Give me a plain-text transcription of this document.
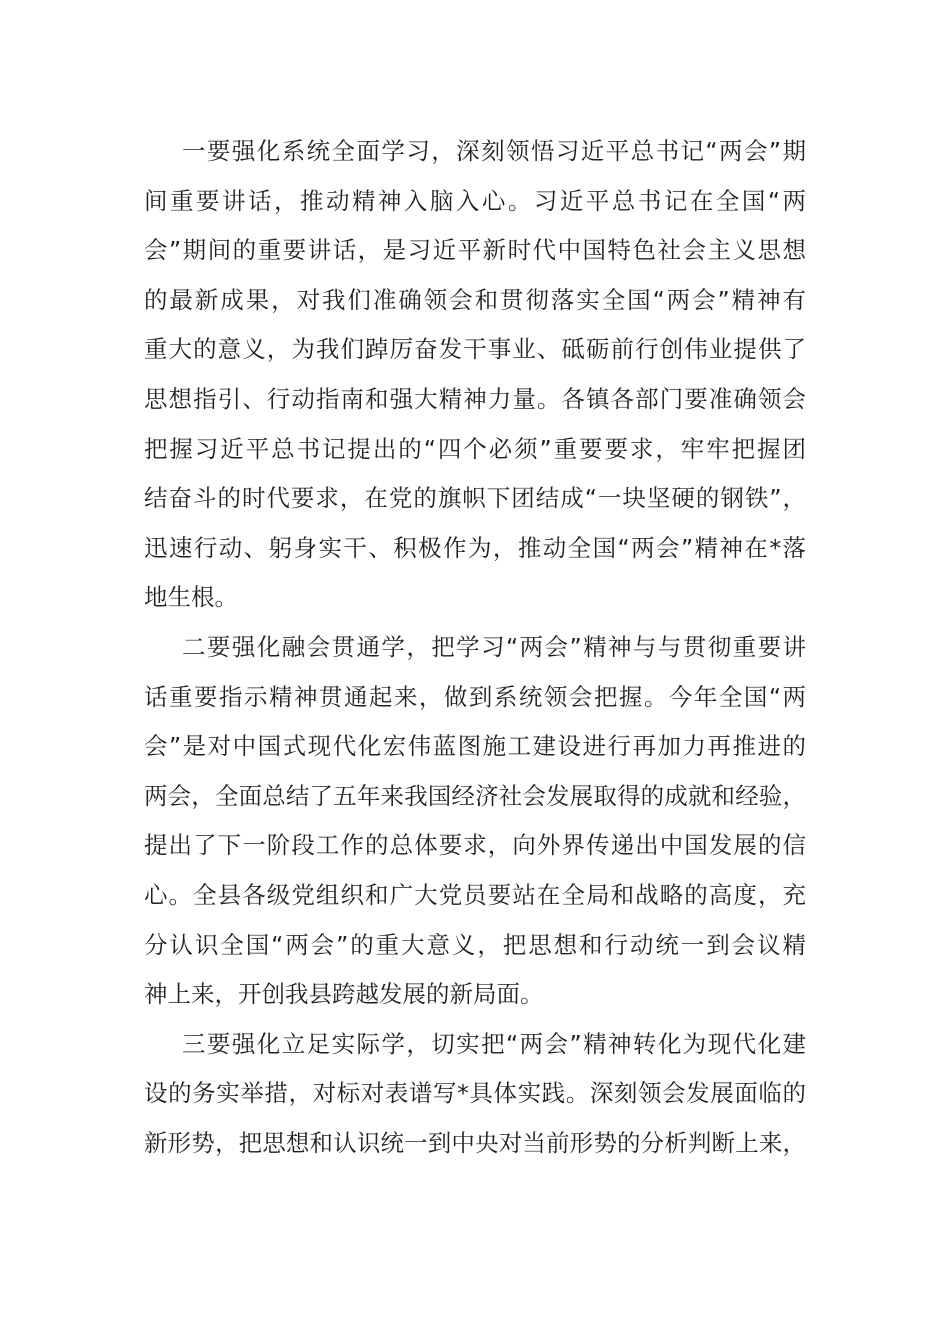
一要强化系统全面学习，深刻领悟习近平总书记“两会”期
间重要讲话，推动精神入脑入心。习近平总书记在全国“两
会”期间的重要讲话，是习近平新时代中国特色社会主义思想
的最新成果，对我们准确领会和贯彻落实全国“两会”精神有
重大的意义，为我们踔厉奋发干事业、砥砺前行创伟业提供了
思想指引、行动指南和强大精神力量。各镇各部门要准确领会
把握习近平总书记提出的“四个必须”重要要求，牢牢把握团
结奋斗的时代要求，在党的旗帜下团结成“一块坚硬的钢铁”，
迅速行动、躬身实干、积极作为，推动全国“两会”精神在*落
地生根。
二要强化融会贯通学，把学习“两会”精神与与贯彻重要讲
话重要指示精神贯通起来，做到系统领会把握。今年全国“两
会”是对中国式现代化宏伟蓝图施工建设进行再加力再推进的
两会，全面总结了五年来我国经济社会发展取得的成就和经验，
提出了下一阶段工作的总体要求，向外界传递出中国发展的信
心。全县各级党组织和广大党员要站在全局和战略的高度，充
分认识全国“两会”的重大意义，把思想和行动统一到会议精
神上来，开创我县跨越发展的新局面。
三要强化立足实际学，切实把“两会”精神转化为现代化建
设的务实举措，对标对表谱写*具体实践。深刻领会发展面临的
新形势，把思想和认识统一到中央对当前形势的分析判断上来，
